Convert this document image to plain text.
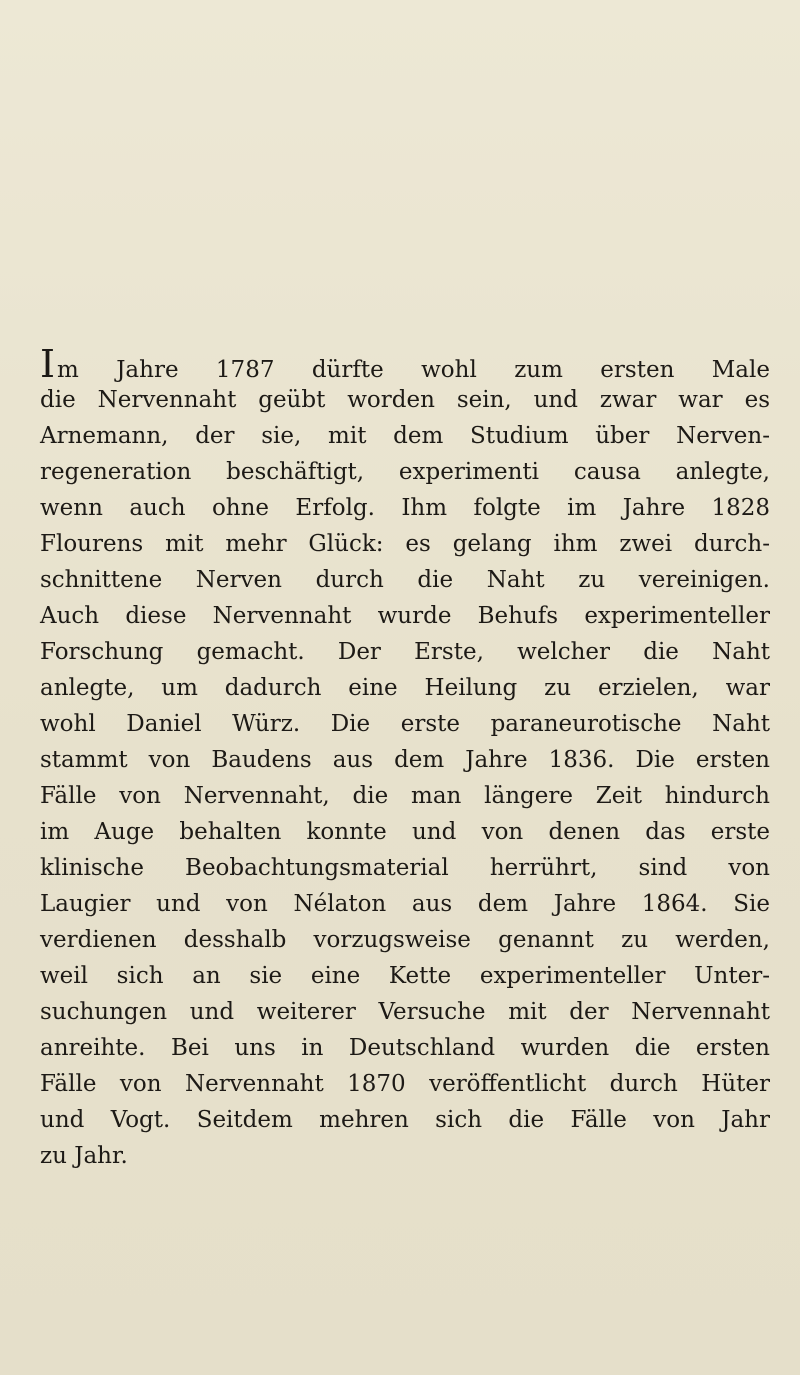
Im Jahre 1787 dürfte wohl zum ersten Male
die Nervennaht geübt worden sein, und zwar war es
Arnemann, der sie, mit dem Studium über Nerven-
regeneration beschäftigt, experimenti causa anlegte,
wenn auch ohne Erfolg. Ihm folgte im Jahre 1828
Flourens mit mehr Glück: es gelang ihm zwei durch-
schnittene Nerven durch die Naht zu vereinigen.
Auch diese Nervennaht wurde Behufs experimenteller
Forschung gemacht. Der Erste, welcher die Naht
anlegte, um dadurch eine Heilung zu erzielen, war
wohl Daniel Würz. Die erste paraneurotische Naht
stammt von Baudens aus dem Jahre 1836. Die ersten
Fälle von Nervennaht, die man längere Zeit hindurch
im Auge behalten konnte und von denen das erste
klinische Beobachtungsmaterial herrührt, sind von
Laugier und von Nélaton aus dem Jahre 1864. Sie
verdienen desshalb vorzugsweise genannt zu werden,
weil sich an sie eine Kette experimenteller Unter-
suchungen und weiterer Versuche mit der Nervennaht
anreihte. Bei uns in Deutschland wurden die ersten
Fälle von Nervennaht 1870 veröffentlicht durch Hüter
und Vogt. Seitdem mehren sich die Fälle von Jahr
zu Jahr.
